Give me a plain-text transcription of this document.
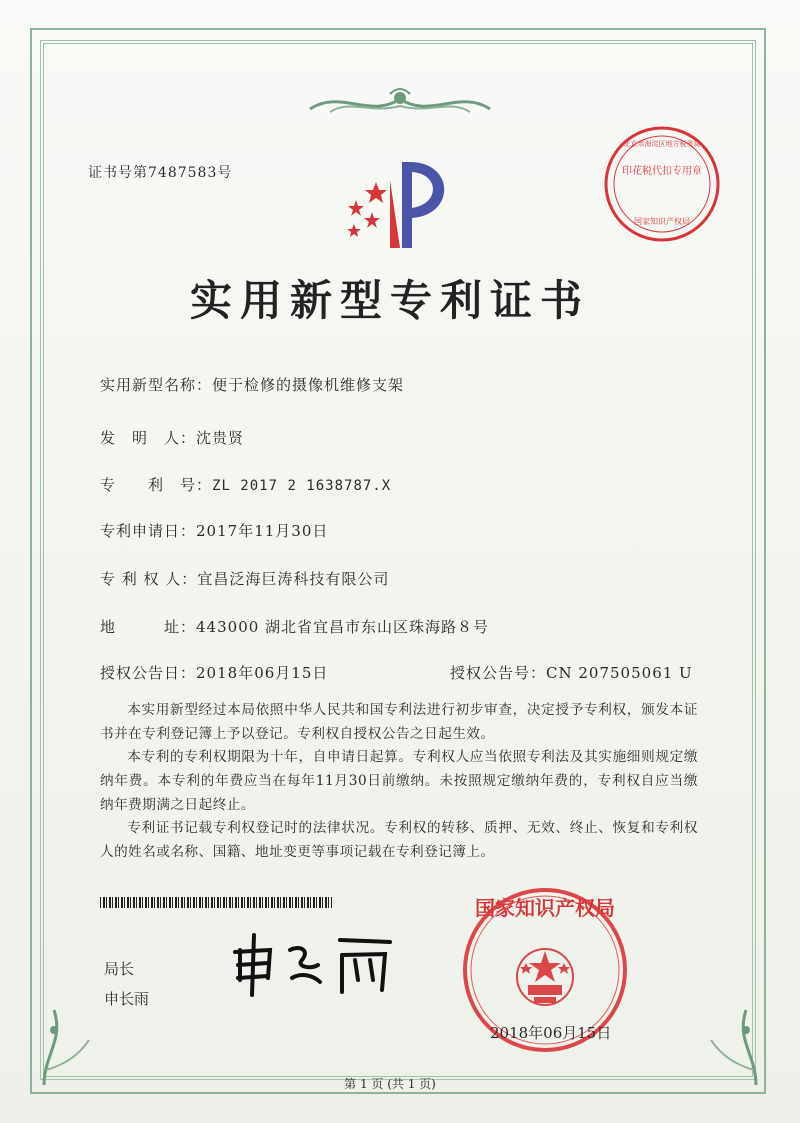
证书号第7487583号	印花税代扣专用章
北京市海淀区地方税务局
国家知识产权局
实用新型专利证书
实用新型名称：便于检修的摄像机维修支架
发　明　人：沈贵贤
专　　利　号：ZL 2017 2 1638787.X
专利申请日：2017年11月30日
专 利 权 人：宜昌泛海巨涛科技有限公司
地　　　址：443000 湖北省宜昌市东山区珠海路８号
授权公告日：2018年06月15日	授权公告号：CN 207505061 U
本实用新型经过本局依照中华人民共和国专利法进行初步审查，决定授予专利权，颁发本证书并在专利登记簿上予以登记。专利权自授权公告之日起生效。
本专利的专利权期限为十年，自申请日起算。专利权人应当依照专利法及其实施细则规定缴纳年费。本专利的年费应当在每年11月30日前缴纳。未按照规定缴纳年费的，专利权自应当缴纳年费期满之日起终止。
专利证书记载专利权登记时的法律状况。专利权的转移、质押、无效、终止、恢复和专利权人的姓名或名称、国籍、地址变更等事项记载在专利登记簿上。
局长
申长雨
国家知识产权局
2018年06月15日
第 1 页 (共 1 页)
